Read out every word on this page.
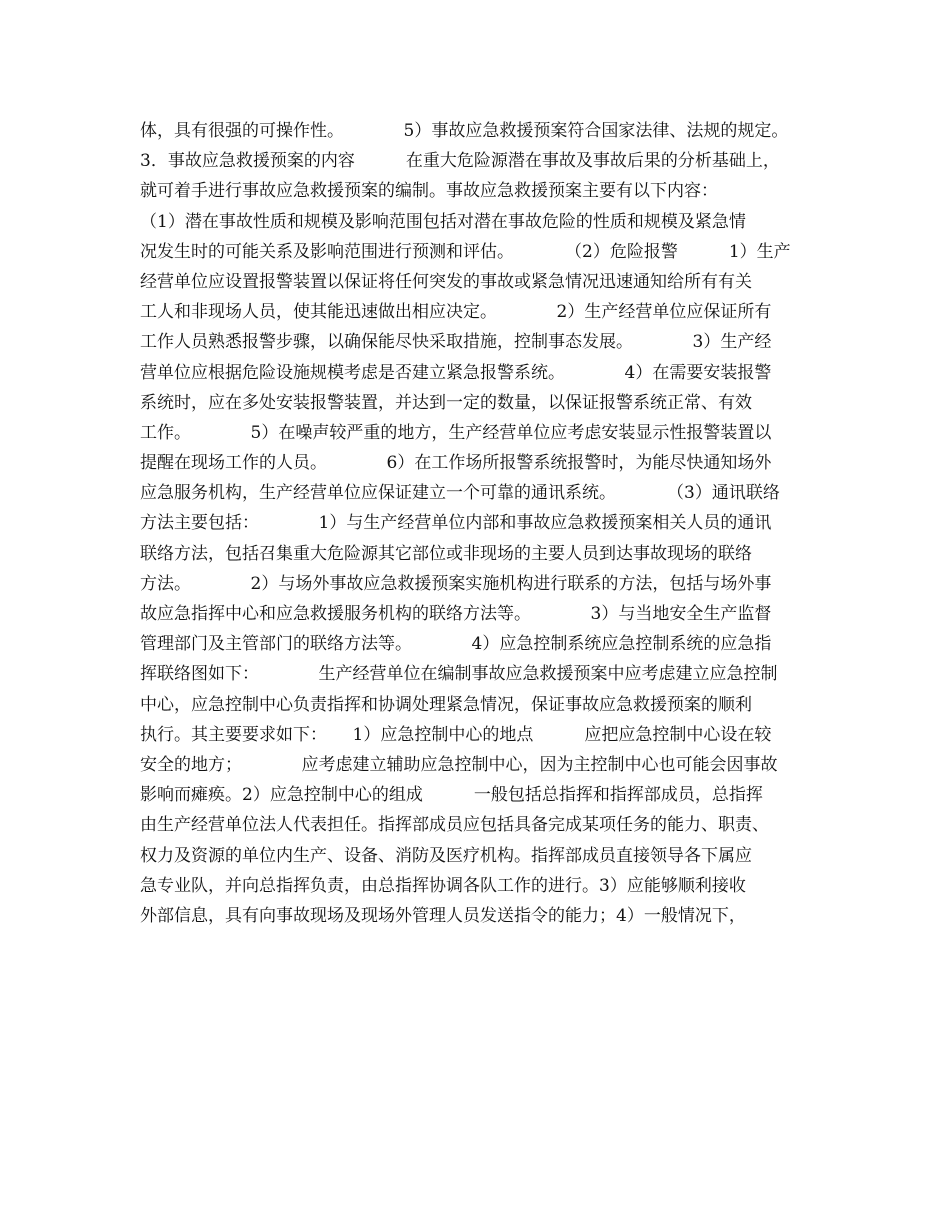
体，具有很强的可操作性。　　　　5）事故应急救援预案符合国家法律、法规的规定。
3．事故应急救援预案的内容　　　在重大危险源潜在事故及事故后果的分析基础上，
就可着手进行事故应急救援预案的编制。事故应急救援预案主要有以下内容：
（1）潜在事故性质和规模及影响范围包括对潜在事故危险的性质和规模及紧急情
况发生时的可能关系及影响范围进行预测和评估。　　　　（2）危险报警　　　1）生产
经营单位应设置报警装置以保证将任何突发的事故或紧急情况迅速通知给所有有关
工人和非现场人员，使其能迅速做出相应决定。　　　　2）生产经营单位应保证所有
工作人员熟悉报警步骤，以确保能尽快采取措施，控制事态发展。　　　　3）生产经
营单位应根据危险设施规模考虑是否建立紧急报警系统。　　　　4）在需要安装报警
系统时，应在多处安装报警装置，并达到一定的数量，以保证报警系统正常、有效
工作。　　　　5）在噪声较严重的地方，生产经营单位应考虑安装显示性报警装置以
提醒在现场工作的人员。　　　　6）在工作场所报警系统报警时，为能尽快通知场外
应急服务机构，生产经营单位应保证建立一个可靠的通讯系统。　　　　（3）通讯联络
方法主要包括：　　　　1）与生产经营单位内部和事故应急救援预案相关人员的通讯
联络方法，包括召集重大危险源其它部位或非现场的主要人员到达事故现场的联络
方法。　　　　2）与场外事故应急救援预案实施机构进行联系的方法，包括与场外事
故应急指挥中心和应急救援服务机构的联络方法等。　　　　3）与当地安全生产监督
管理部门及主管部门的联络方法等。　　　　4）应急控制系统应急控制系统的应急指
挥联络图如下：　　　　生产经营单位在编制事故应急救援预案中应考虑建立应急控制
中心，应急控制中心负责指挥和协调处理紧急情况，保证事故应急救援预案的顺利
执行。其主要要求如下：　　1）应急控制中心的地点　　　应把应急控制中心设在较
安全的地方；　　　　应考虑建立辅助应急控制中心，因为主控制中心也可能会因事故
影响而瘫痪。2）应急控制中心的组成　　　一般包括总指挥和指挥部成员，总指挥
由生产经营单位法人代表担任。指挥部成员应包括具备完成某项任务的能力、职责、
权力及资源的单位内生产、设备、消防及医疗机构。指挥部成员直接领导各下属应
急专业队，并向总指挥负责，由总指挥协调各队工作的进行。3）应能够顺利接收
外部信息，具有向事故现场及现场外管理人员发送指令的能力；4）一般情况下，
